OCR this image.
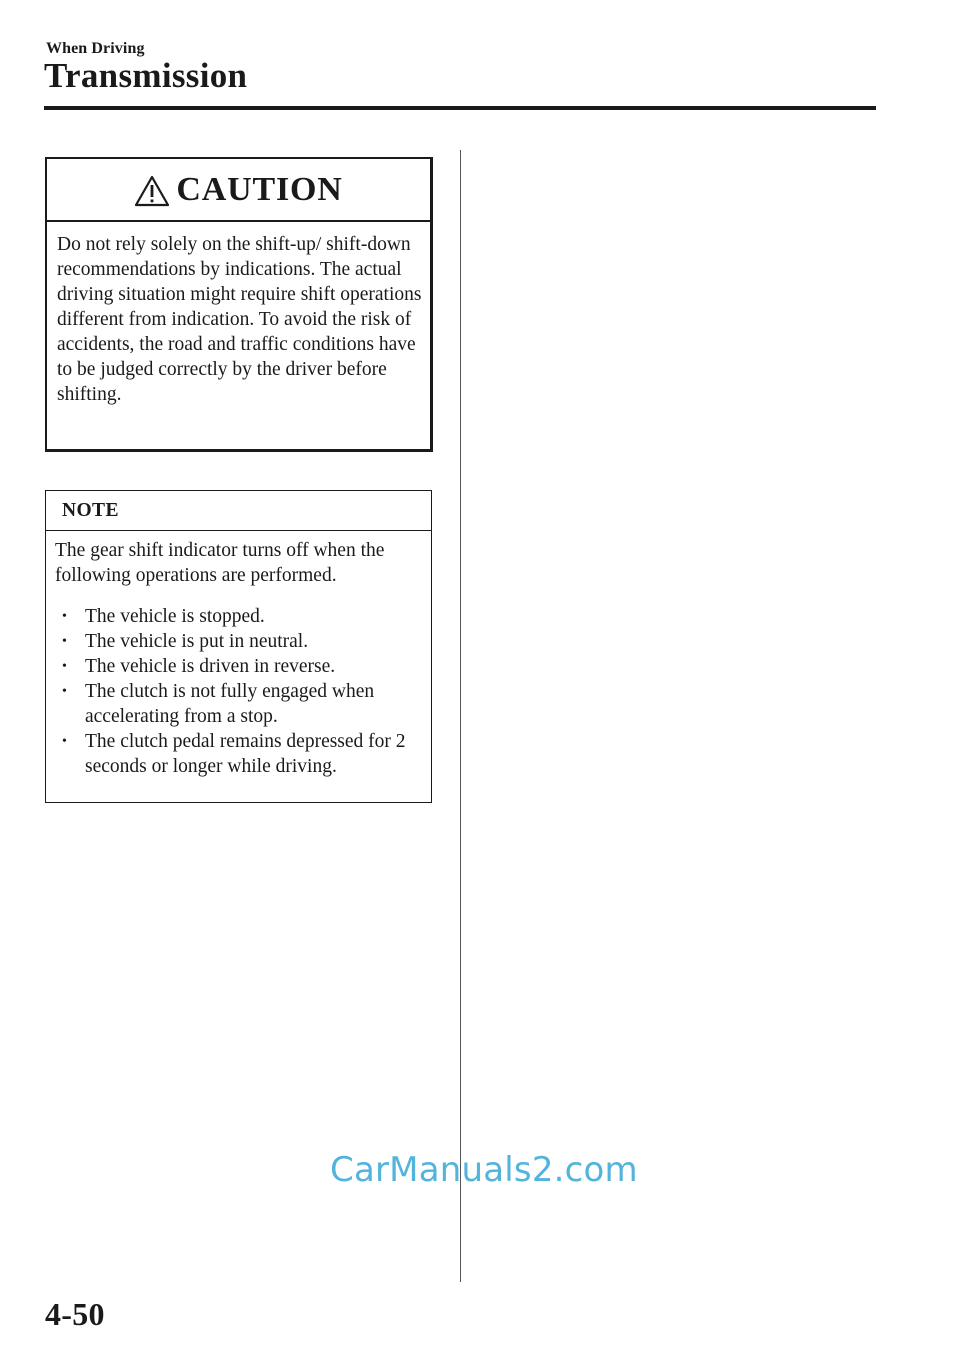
When Driving
Transmission
CAUTION
Do not rely solely on the shift-up/ shift-down recommendations by indications. The actual driving situation might require shift operations different from indication. To avoid the risk of accidents, the road and traffic conditions have to be judged correctly by the driver before shifting.
NOTE
The gear shift indicator turns off when the following operations are performed.
• The vehicle is stopped.
• The vehicle is put in neutral.
• The vehicle is driven in reverse.
• The clutch is not fully engaged when accelerating from a stop.
• The clutch pedal remains depressed for 2 seconds or longer while driving.
CarManuals2.com
4-50
